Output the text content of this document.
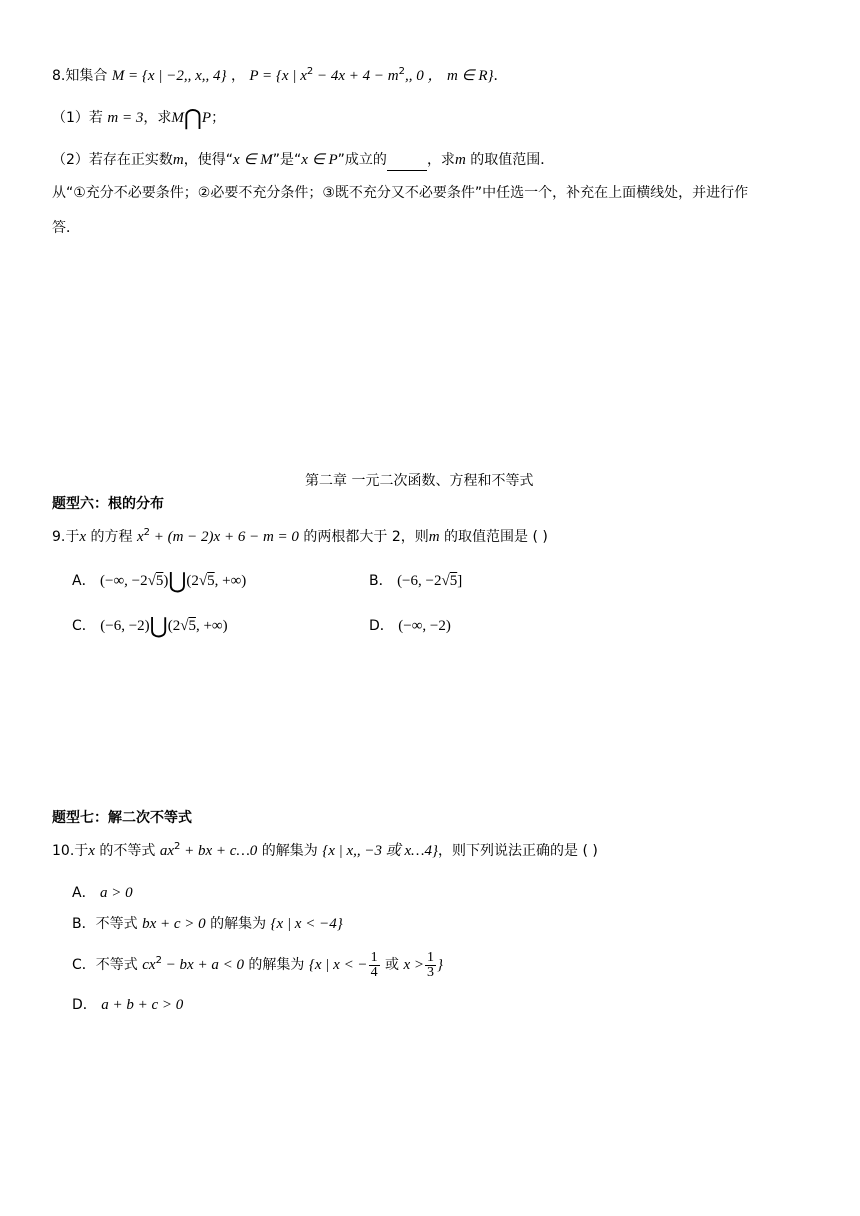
8.知集合 M = {x | −2,, x,, 4} ， P = {x | $x^2 - 4x + 4 - m^2$,, 0 ， m ∈ R}．
（1）若 m = 3，求M⋂P；
（2）若存在正实数m，使得“x ∈ M”是“x ∈ P”成立的	，求m 的取值范围．
从“①充分不必要条件；②必要不充分条件；③既不充分又不必要条件”中任选一个，补充在上面横线处，并进行作
答．
第二章 一元二次函数、方程和不等式
题型六：根的分布
9.于x 的方程 $x^2 + (m - 2)x + 6 - m = 0$ 的两根都大于 2，则m 的取值范围是 ( )
A． (−∞, −2√5)⋃(2√5, +∞)	B． (−6, −2√5]
C． (−6, −2)⋃(2√5, +∞)	D． (−∞, −2)
题型七：解二次不等式
10.于x 的不等式 $ax^2$ + bx + c…0 的解集为 {x | x,, −3 或 x…4}，则下列说法正确的是 ( )
A． a > 0
B．不等式 bx + c > 0 的解集为 {x | x < −4}
C．不等式 $cx^2$ − bx + a < 0 的解集为 {x | x < − $\frac{1}{4}$ 或 $x > \frac{1}{3}$ }
D． a + b + c > 0
